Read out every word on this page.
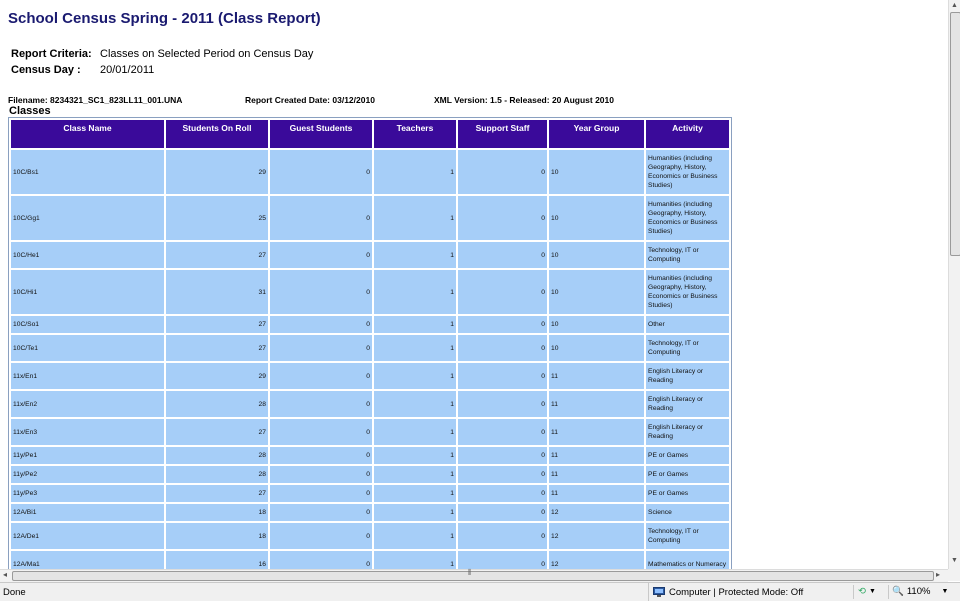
School Census Spring - 2011 (Class Report)
Report Criteria: Classes on Selected Period on Census Day
Census Day : 20/01/2011
Filename: 8234321_SC1_823LL11_001.UNA	Report Created Date: 03/12/2010	XML Version: 1.5 - Released: 20 August 2010
Classes
Class Name	Students On Roll	Guest Students	Teachers	Support Staff	Year Group	Activity
10C/Bs1	29	0	1	0	10	Humanities (including Geography, History, Economics or Business Studies)
10C/Gg1	25	0	1	0	10	Humanities (including Geography, History, Economics or Business Studies)
10C/He1	27	0	1	0	10	Technology, IT or Computing
10C/Hi1	31	0	1	0	10	Humanities (including Geography, History, Economics or Business Studies)
10C/So1	27	0	1	0	10	Other
10C/Te1	27	0	1	0	10	Technology, IT or Computing
11x/En1	29	0	1	0	11	English Literacy or Reading
11x/En2	28	0	1	0	11	English Literacy or Reading
11x/En3	27	0	1	0	11	English Literacy or Reading
11y/Pe1	28	0	1	0	11	PE or Games
11y/Pe2	28	0	1	0	11	PE or Games
11y/Pe3	27	0	1	0	11	PE or Games
12A/Bi1	18	0	1	0	12	Science
12A/De1	18	0	1	0	12	Technology, IT or Computing
12A/Ma1	16	0	1	0	12	Mathematics or Numeracy

▲
▼
◂	⦀	▸
Done	Computer | Protected Mode: Off	⟲ ▼ 🔍 110% ▼
